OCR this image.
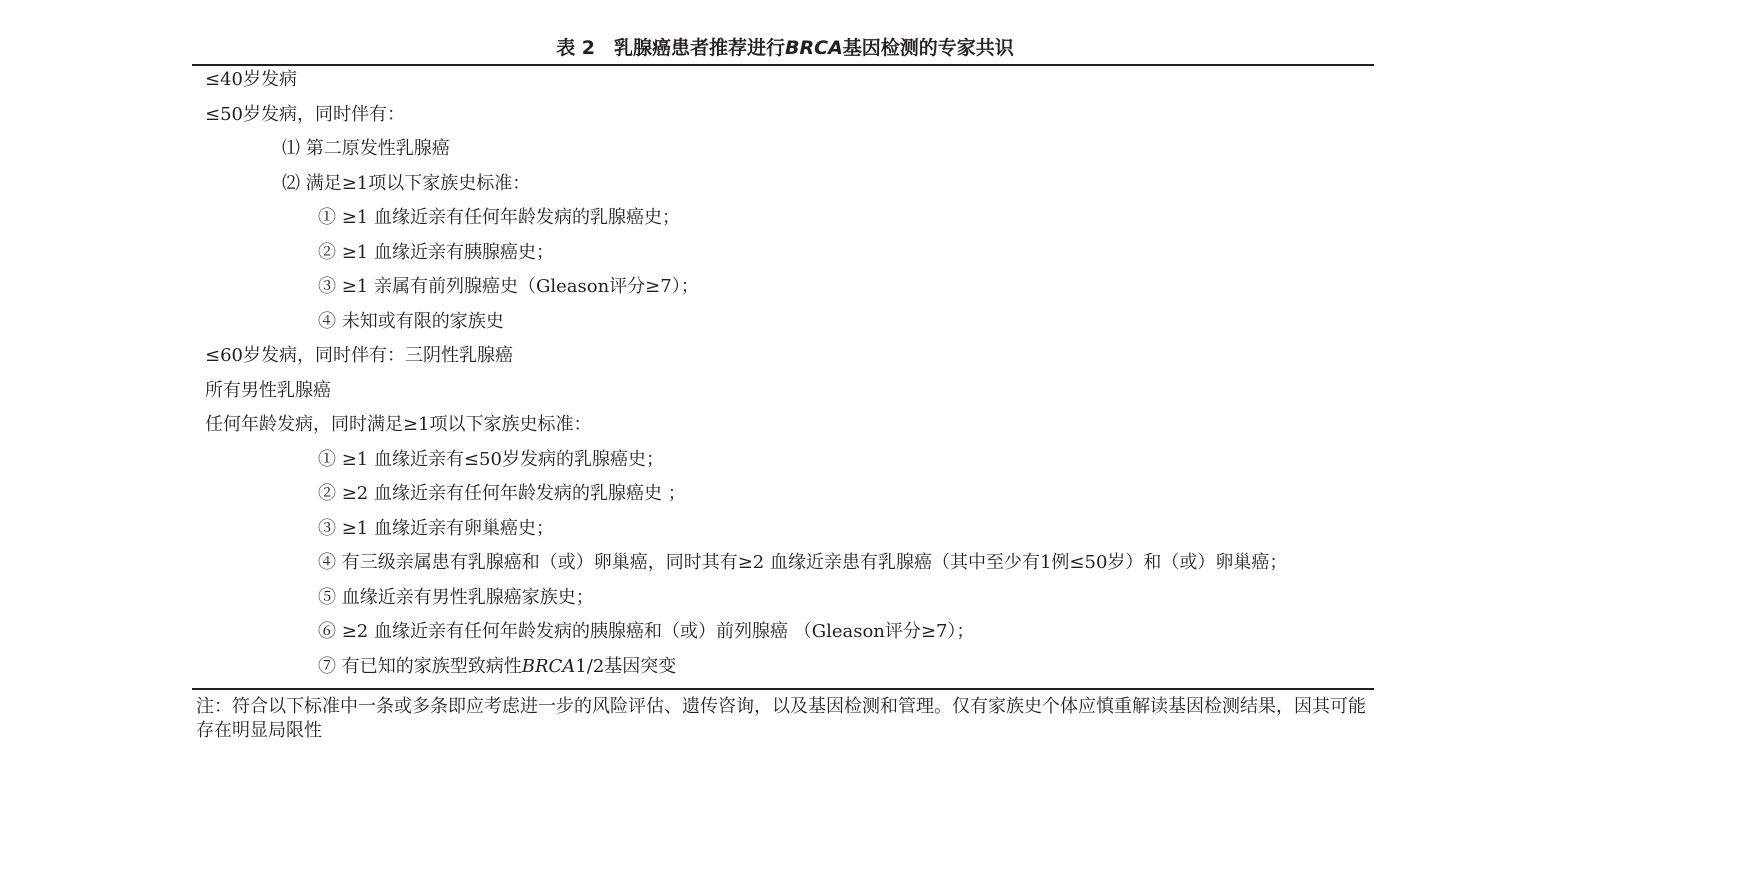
表 2　乳腺癌患者推荐进行BRCA基因检测的专家共识
≤40岁发病
≤50岁发病，同时伴有：
⑴ 第二原发性乳腺癌
⑵ 满足≥1项以下家族史标准：
① ≥1 血缘近亲有任何年龄发病的乳腺癌史；
② ≥1 血缘近亲有胰腺癌史；
③ ≥1 亲属有前列腺癌史（Gleason评分≥7）；
④ 未知或有限的家族史
≤60岁发病，同时伴有：三阴性乳腺癌
所有男性乳腺癌
任何年龄发病，同时满足≥1项以下家族史标准：
① ≥1 血缘近亲有≤50岁发病的乳腺癌史；
② ≥2 血缘近亲有任何年龄发病的乳腺癌史 ；
③ ≥1 血缘近亲有卵巢癌史；
④ 有三级亲属患有乳腺癌和（或）卵巢癌，同时其有≥2 血缘近亲患有乳腺癌（其中至少有1例≤50岁）和（或）卵巢癌；
⑤ 血缘近亲有男性乳腺癌家族史；
⑥ ≥2 血缘近亲有任何年龄发病的胰腺癌和（或）前列腺癌 （Gleason评分≥7）；
⑦ 有已知的家族型致病性BRCA1/2基因突变
注：符合以下标准中一条或多条即应考虑进一步的风险评估、遗传咨询，以及基因检测和管理。仅有家族史个体应慎重解读基因检测结果，因其可能存在明显局限性
